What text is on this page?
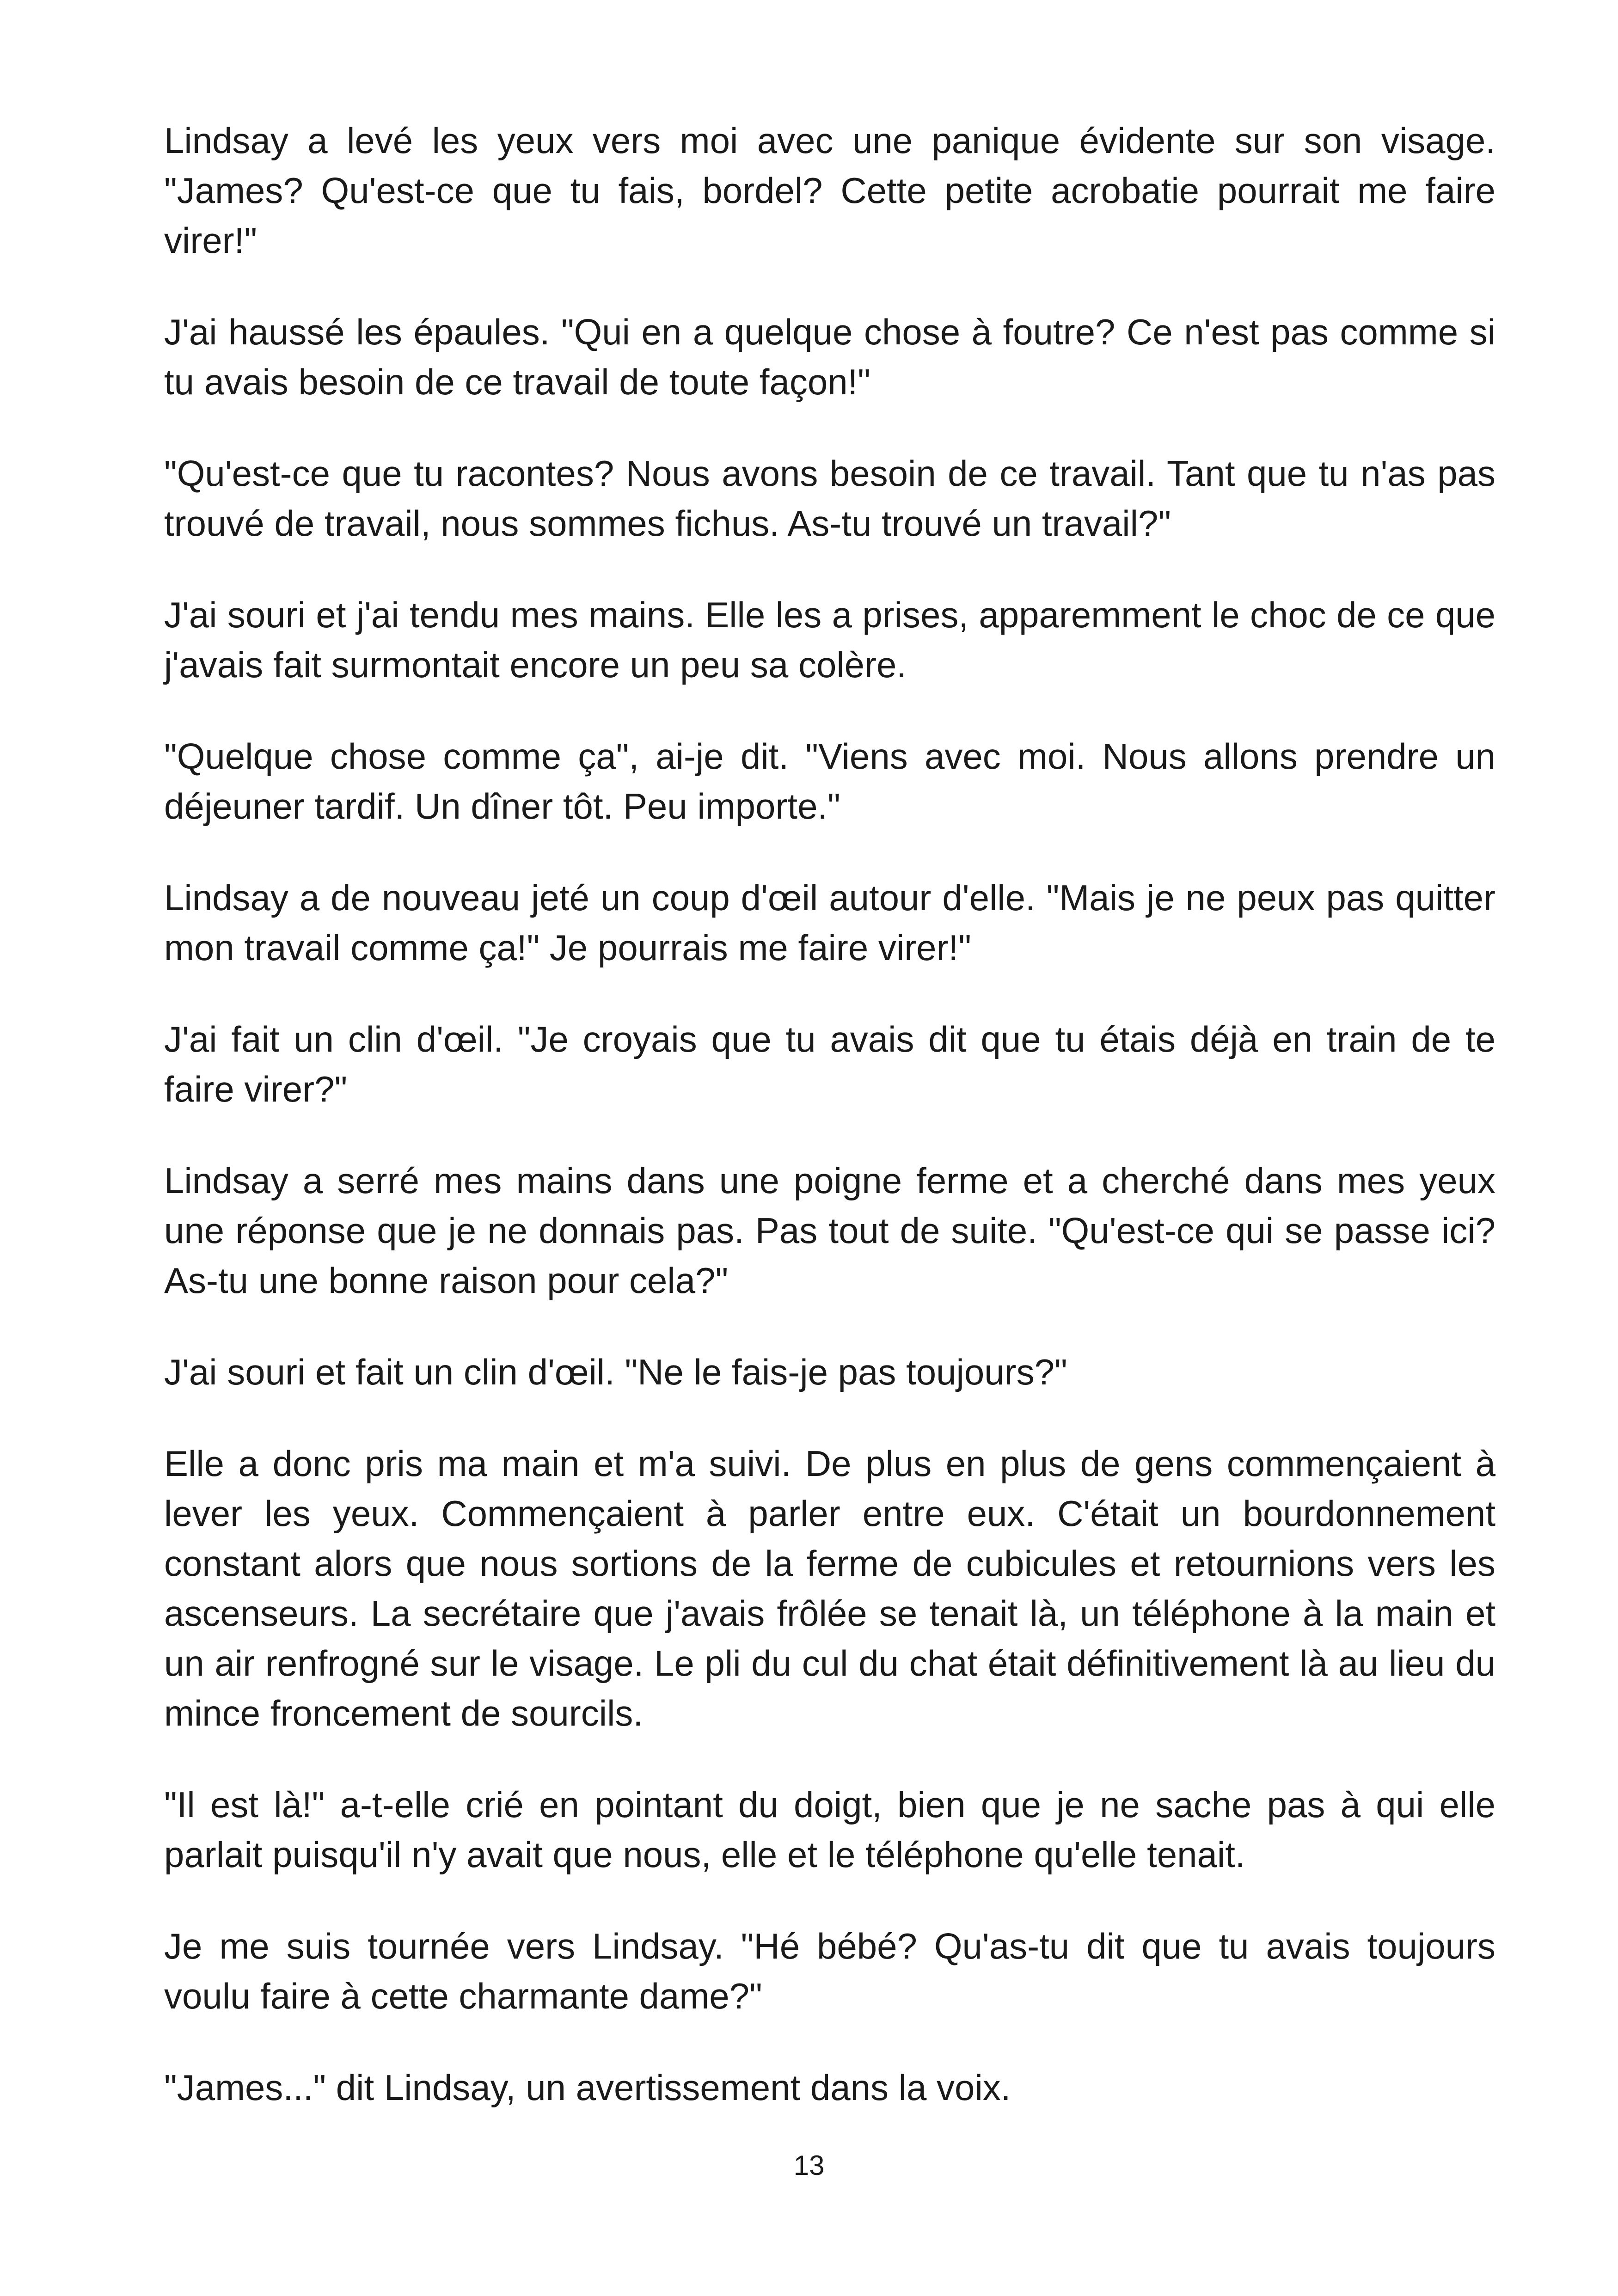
Lindsay a levé les yeux vers moi avec une panique évidente sur son visage. "James? Qu'est-ce que tu fais, bordel? Cette petite acrobatie pourrait me faire virer!"

J'ai haussé les épaules. "Qui en a quelque chose à foutre? Ce n'est pas comme si tu avais besoin de ce travail de toute façon!"

"Qu'est-ce que tu racontes? Nous avons besoin de ce travail. Tant que tu n'as pas trouvé de travail, nous sommes fichus. As-tu trouvé un travail?"

J'ai souri et j'ai tendu mes mains. Elle les a prises, apparemment le choc de ce que j'avais fait surmontait encore un peu sa colère.

"Quelque chose comme ça", ai-je dit. "Viens avec moi. Nous allons prendre un déjeuner tardif. Un dîner tôt. Peu importe."

Lindsay a de nouveau jeté un coup d'œil autour d'elle. "Mais je ne peux pas quitter mon travail comme ça!" Je pourrais me faire virer!"

J'ai fait un clin d'œil. "Je croyais que tu avais dit que tu étais déjà en train de te faire virer?"

Lindsay a serré mes mains dans une poigne ferme et a cherché dans mes yeux une réponse que je ne donnais pas. Pas tout de suite. "Qu'est-ce qui se passe ici? As-tu une bonne raison pour cela?"

J'ai souri et fait un clin d'œil. "Ne le fais-je pas toujours?"

Elle a donc pris ma main et m'a suivi. De plus en plus de gens commençaient à lever les yeux. Commençaient à parler entre eux. C'était un bourdonnement constant alors que nous sortions de la ferme de cubicules et retournions vers les ascenseurs. La secrétaire que j'avais frôlée se tenait là, un téléphone à la main et un air renfrogné sur le visage. Le pli du cul du chat était définitivement là au lieu du mince froncement de sourcils.

"Il est là!" a-t-elle crié en pointant du doigt, bien que je ne sache pas à qui elle parlait puisqu'il n'y avait que nous, elle et le téléphone qu'elle tenait.

Je me suis tournée vers Lindsay. "Hé bébé? Qu'as-tu dit que tu avais toujours voulu faire à cette charmante dame?"

"James..." dit Lindsay, un avertissement dans la voix.

13
